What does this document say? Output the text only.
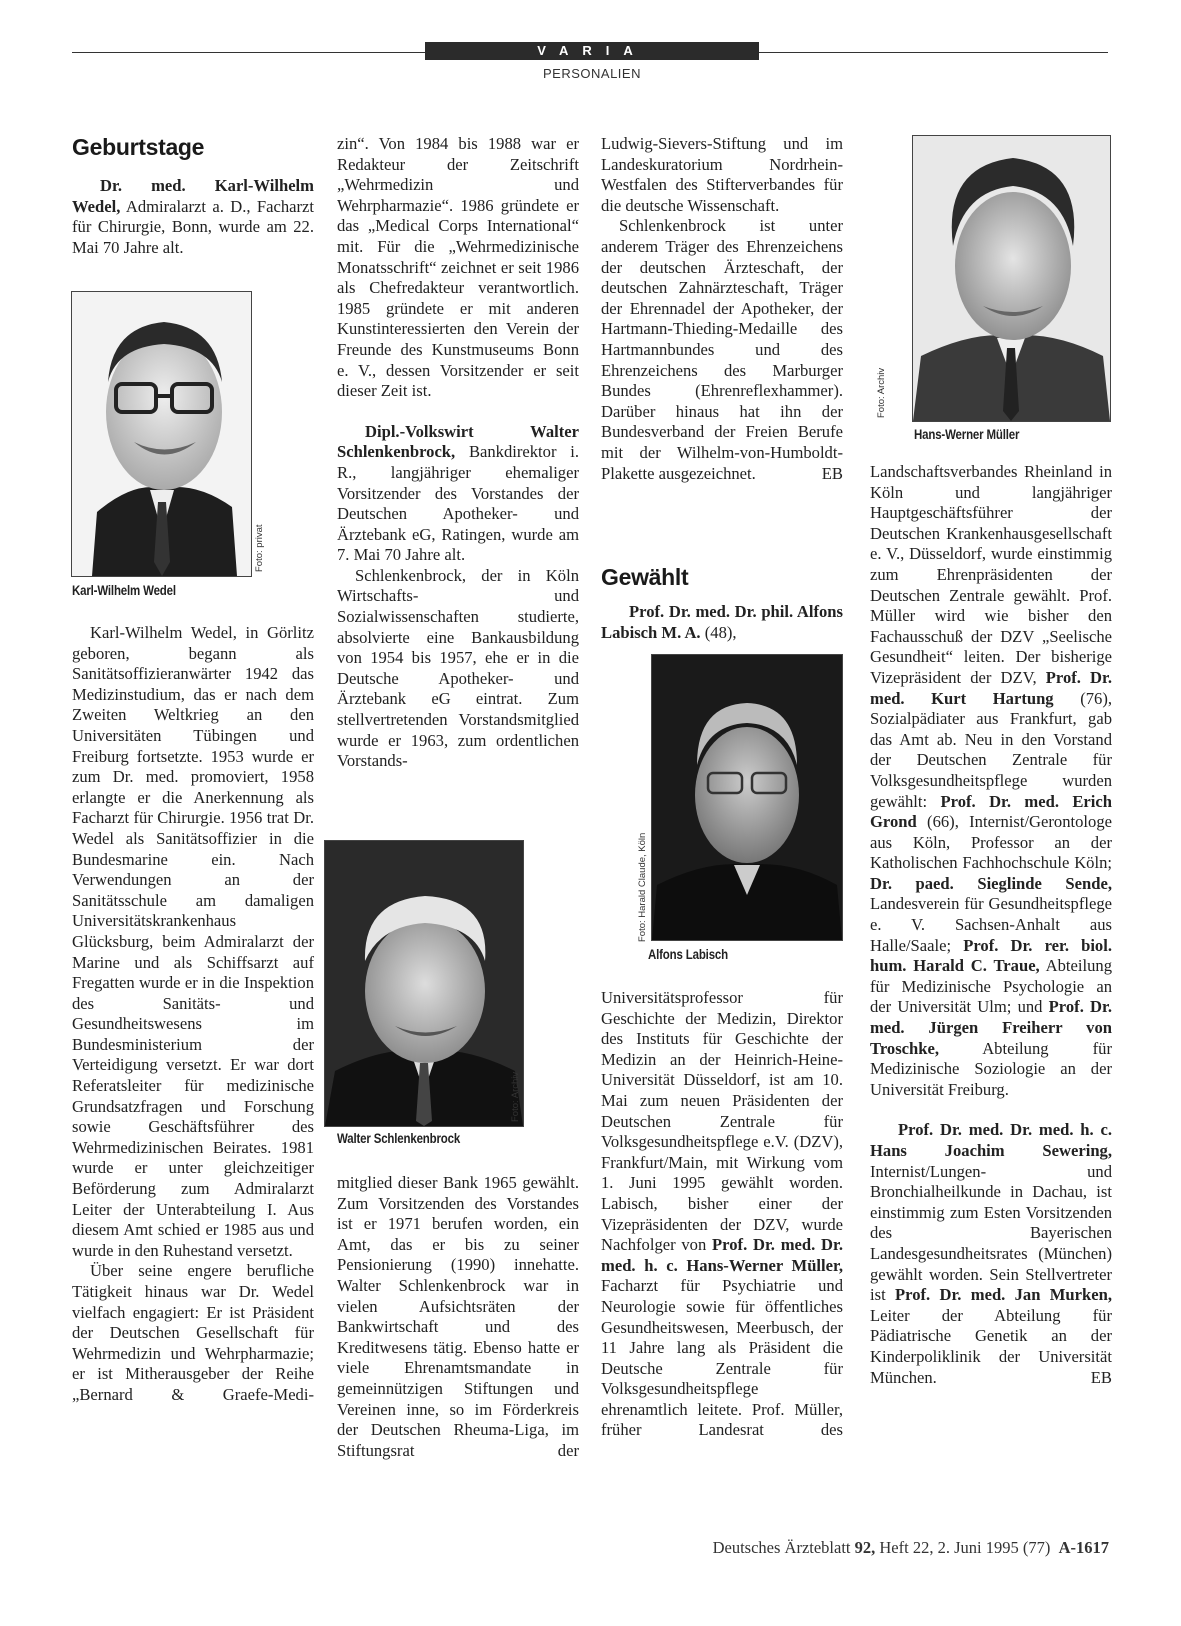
VARIA
PERSONALIEN
Geburtstage

Dr. med. Karl-Wilhelm Wedel, Admiralarzt a. D., Facharzt für Chirurgie, Bonn, wurde am 22. Mai 70 Jahre alt.

Foto: privat
Karl-Wilhelm Wedel

Karl-Wilhelm Wedel, in Görlitz geboren, begann als Sanitätsoffizieranwärter 1942 das Medizinstudium, das er nach dem Zweiten Weltkrieg an den Universitäten Tübingen und Freiburg fortsetzte. 1953 wurde er zum Dr. med. promoviert, 1958 erlangte er die Anerkennung als Facharzt für Chirurgie. 1956 trat Dr. Wedel als Sanitätsoffizier in die Bundesmarine ein. Nach Verwendungen an der Sanitätsschule am damaligen Universitätskrankenhaus Glücksburg, beim Admiralarzt der Marine und als Schiffsarzt auf Fregatten wurde er in die Inspektion des Sanitäts- und Gesundheitswesens im Bundesministerium der Verteidigung versetzt. Er war dort Referatsleiter für medizinische Grundsatzfragen und Forschung sowie Geschäftsführer des Wehrmedizinischen Beirates. 1981 wurde er unter gleichzeitiger Beförderung zum Admiralarzt Leiter der Unterabteilung I. Aus diesem Amt schied er 1985 aus und wurde in den Ruhestand versetzt.

Über seine engere berufliche Tätigkeit hinaus war Dr. Wedel vielfach engagiert: Er ist Präsident der Deutschen Gesellschaft für Wehrmedizin und Wehrpharmazie; er ist Mitherausgeber der Reihe „Bernard & Graefe-Medi-

zin“. Von 1984 bis 1988 war er Redakteur der Zeitschrift „Wehrmedizin und Wehrpharmazie“. 1986 gründete er das „Medical Corps International“ mit. Für die „Wehrmedizinische Monatsschrift“ zeichnet er seit 1986 als Chefredakteur verantwortlich. 1985 gründete er mit anderen Kunstinteressierten den Verein der Freunde des Kunstmuseums Bonn e. V., dessen Vorsitzender er seit dieser Zeit ist.

Dipl.-Volkswirt Walter Schlenkenbrock, Bankdirektor i. R., langjähriger ehemaliger Vorsitzender des Vorstandes der Deutschen Apotheker- und Ärztebank eG, Ratingen, wurde am 7. Mai 70 Jahre alt.

Schlenkenbrock, der in Köln Wirtschafts- und Sozialwissenschaften studierte, absolvierte eine Bankausbildung von 1954 bis 1957, ehe er in die Deutsche Apotheker- und Ärztebank eG eintrat. Zum stellvertretenden Vorstandsmitglied wurde er 1963, zum ordentlichen Vorstands-

Foto: Archiv
Walter Schlenkenbrock

mitglied dieser Bank 1965 gewählt. Zum Vorsitzenden des Vorstandes ist er 1971 berufen worden, ein Amt, das er bis zu seiner Pensionierung (1990) innehatte. Walter Schlenkenbrock war in vielen Aufsichtsräten der Bankwirtschaft und des Kreditwesens tätig. Ebenso hatte er viele Ehrenamtsmandate in gemeinnützigen Stiftungen und Vereinen inne, so im Förderkreis der Deutschen Rheuma-Liga, im Stiftungsrat der

Ludwig-Sievers-Stiftung und im Landeskuratorium Nordrhein-Westfalen des Stifterverbandes für die deutsche Wissenschaft.

Schlenkenbrock ist unter anderem Träger des Ehrenzeichens der deutschen Ärzteschaft, der deutschen Zahnärzteschaft, Träger der Ehrennadel der Apotheker, der Hartmann-Thieding-Medaille des Hartmannbundes und des Ehrenzeichens des Marburger Bundes (Ehrenreflexhammer). Darüber hinaus hat ihn der Bundesverband der Freien Berufe mit der Wilhelm-von-Humboldt-Plakette ausgezeichnet.	EB

Gewählt

Prof. Dr. med. Dr. phil. Alfons Labisch M. A. (48),

Foto: Harald Claude, Köln
Alfons Labisch

Universitätsprofessor für Geschichte der Medizin, Direktor des Instituts für Geschichte der Medizin an der Heinrich-Heine-Universität Düsseldorf, ist am 10. Mai zum neuen Präsidenten der Deutschen Zentrale für Volksgesundheitspflege e.V. (DZV), Frankfurt/Main, mit Wirkung vom 1. Juni 1995 gewählt worden. Labisch, bisher einer der Vizepräsidenten der DZV, wurde Nachfolger von Prof. Dr. med. Dr. med. h. c. Hans-Werner Müller, Facharzt für Psychiatrie und Neurologie sowie für öffentliches Gesundheitswesen, Meerbusch, der 11 Jahre lang als Präsident die Deutsche Zentrale für Volksgesundheitspflege ehrenamtlich leitete. Prof. Müller, früher Landesrat des

Foto: Archiv
Hans-Werner Müller

Landschaftsverbandes Rheinland in Köln und langjähriger Hauptgeschäftsführer der Deutschen Krankenhausgesellschaft e. V., Düsseldorf, wurde einstimmig zum Ehrenpräsidenten der Deutschen Zentrale gewählt. Prof. Müller wird wie bisher den Fachausschuß der DZV „Seelische Gesundheit“ leiten. Der bisherige Vizepräsident der DZV, Prof. Dr. med. Kurt Hartung (76), Sozialpädiater aus Frankfurt, gab das Amt ab. Neu in den Vorstand der Deutschen Zentrale für Volksgesundheitspflege wurden gewählt: Prof. Dr. med. Erich Grond (66), Internist/Gerontologe aus Köln, Professor an der Katholischen Fachhochschule Köln; Dr. paed. Sieglinde Sende, Landesverein für Gesundheitspflege e. V. Sachsen-Anhalt aus Halle/Saale; Prof. Dr. rer. biol. hum. Harald C. Traue, Abteilung für Medizinische Psychologie an der Universität Ulm; und Prof. Dr. med. Jürgen Freiherr von Troschke,	Abteilung für Medizinische Soziologie an der Universität Freiburg.

Prof. Dr. med. Dr. med. h. c. Hans Joachim Sewering, Internist/Lungen- und Bronchialheilkunde in Dachau, ist einstimmig zum Esten Vorsitzenden des Bayerischen Landesgesundheitsrates (München) gewählt worden. Sein Stellvertreter ist Prof. Dr. med. Jan Murken, Leiter der Abteilung für Pädiatrische Genetik an der Kinderpoliklinik der Universität München.	EB

Deutsches Ärzteblatt 92, Heft 22, 2. Juni 1995 (77) A-1617
